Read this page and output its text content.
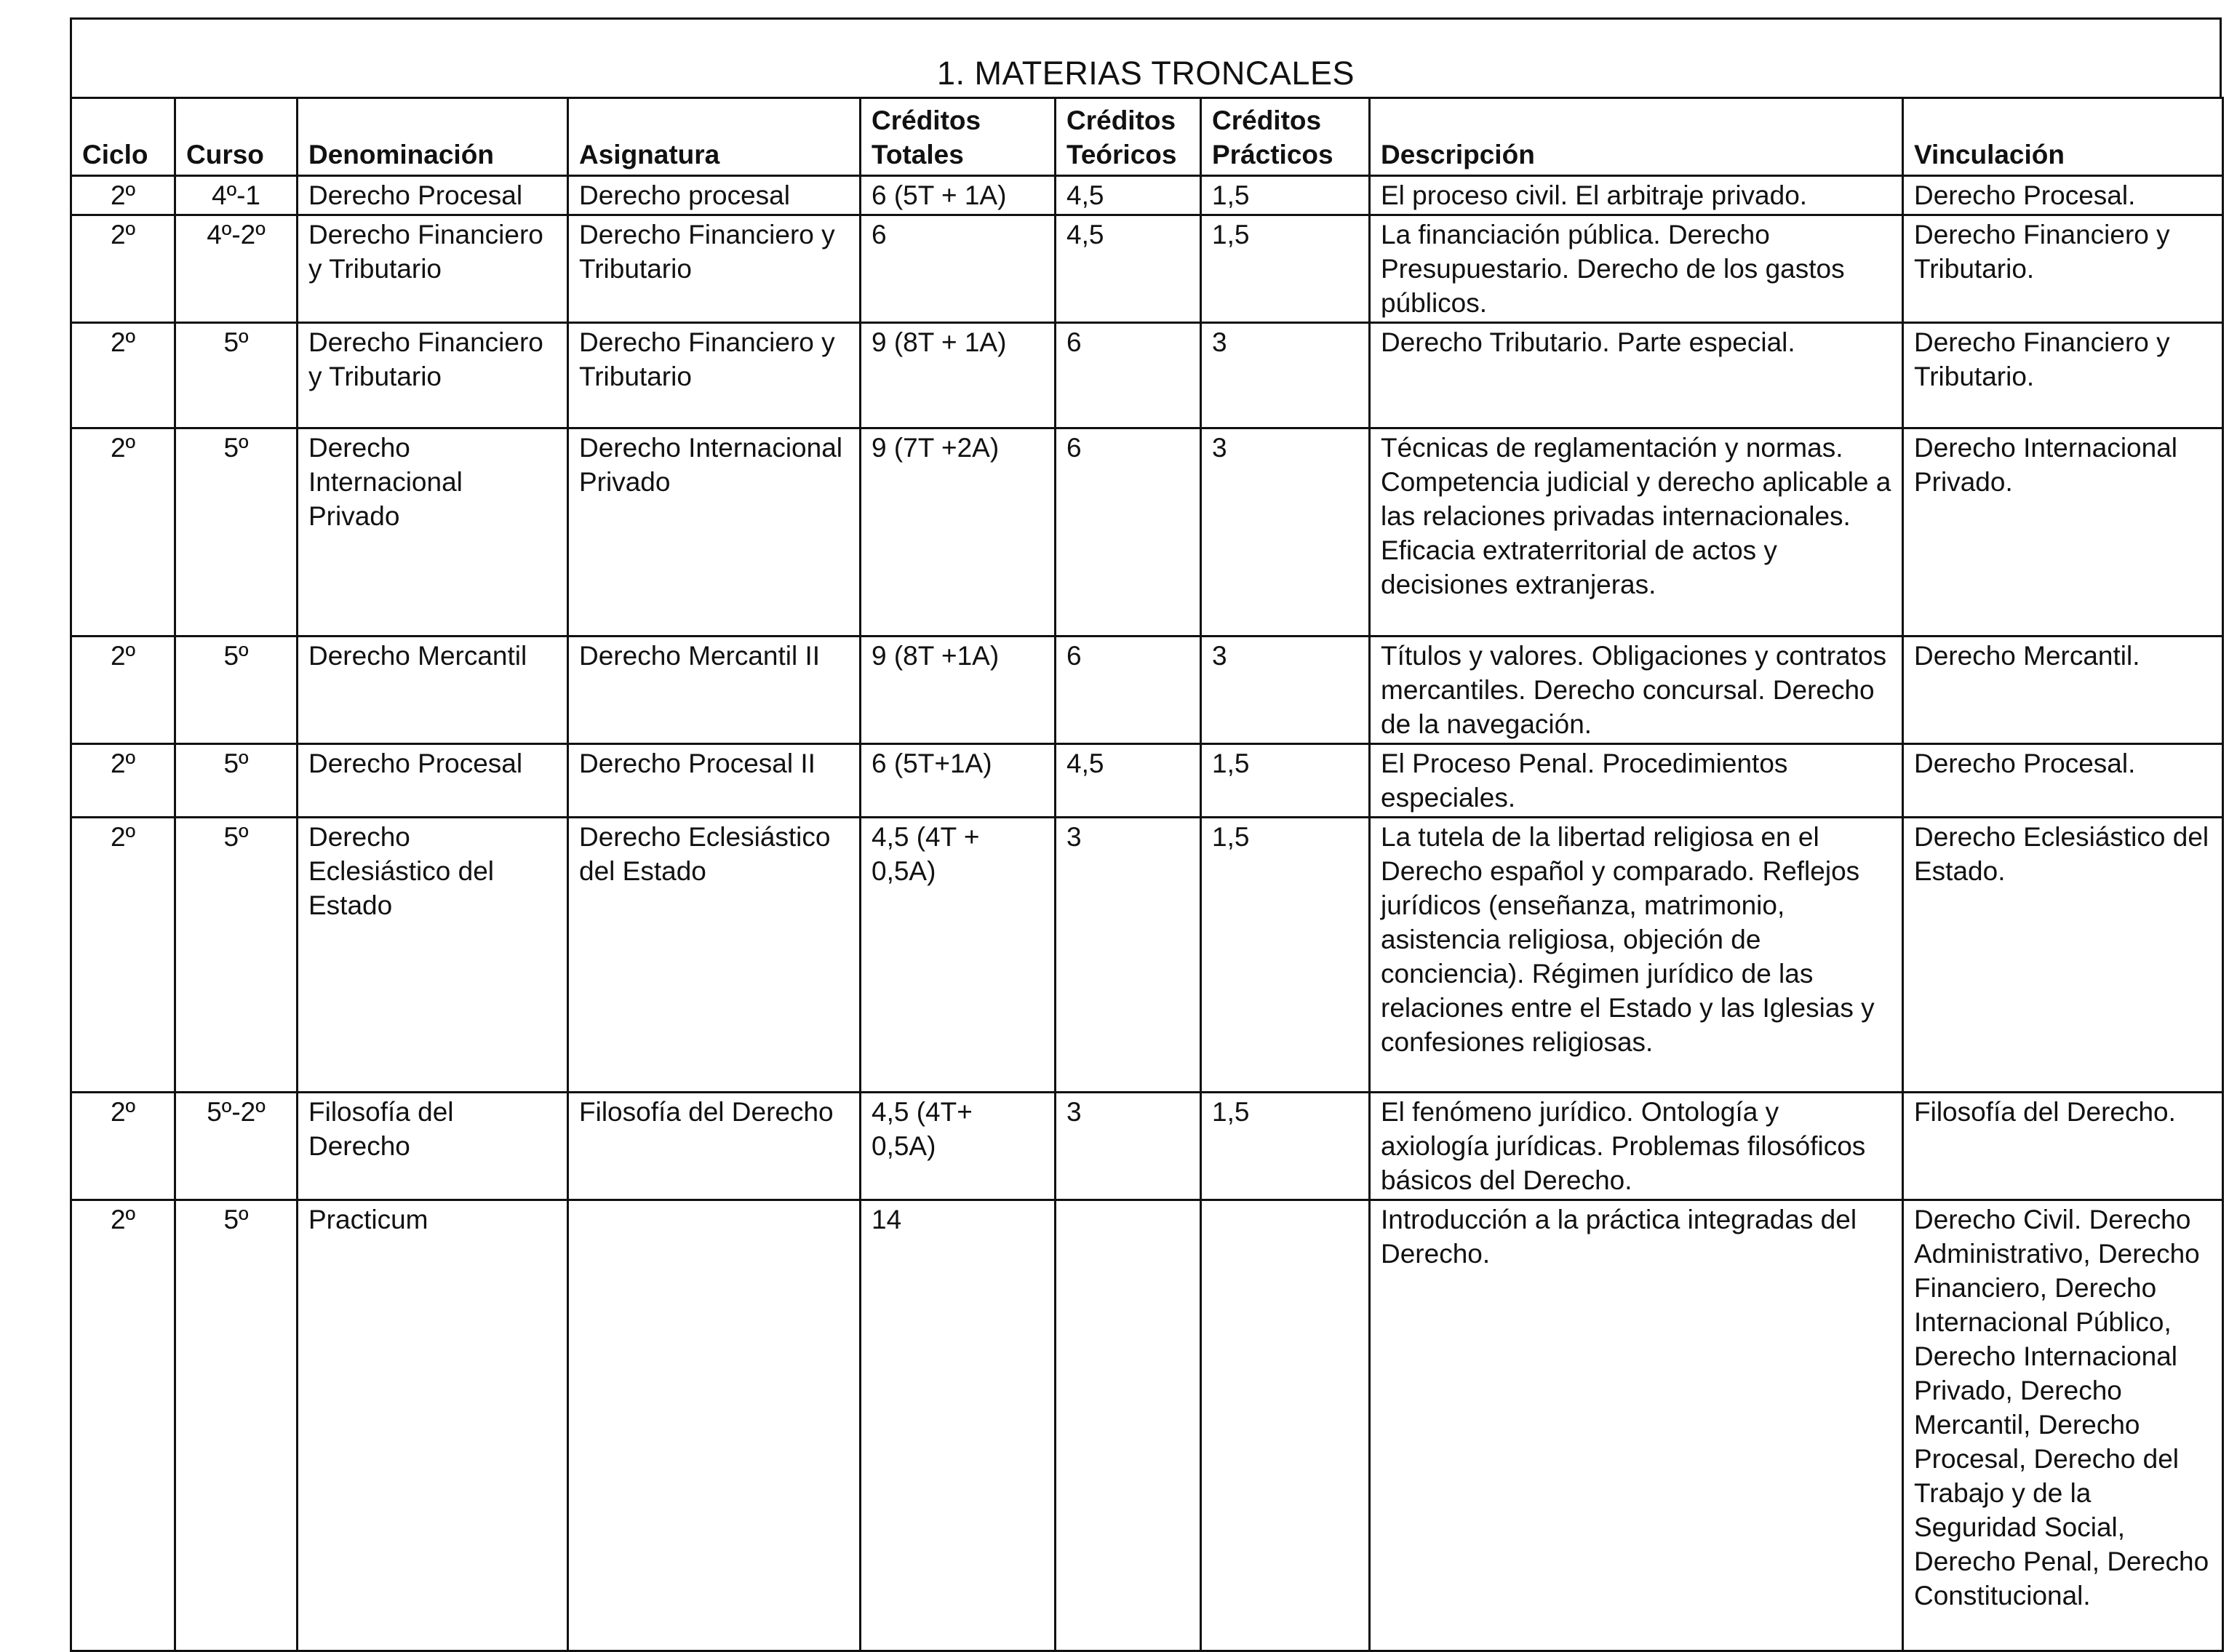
1. MATERIAS TRONCALES
Ciclo	Curso	Denominación	Asignatura	Créditos Totales	Créditos Teóricos	Créditos Prácticos	Descripción	Vinculación
2º	4º-1	Derecho Procesal	Derecho procesal	6 (5T + 1A)	4,5	1,5	El proceso civil. El arbitraje privado.	Derecho Procesal.
2º	4º-2º	Derecho Financiero y Tributario	Derecho Financiero y Tributario	6	4,5	1,5	La financiación pública. Derecho Presupuestario. Derecho de los gastos públicos.	Derecho Financiero y Tributario.
2º	5º	Derecho Financiero y Tributario	Derecho Financiero y Tributario	9 (8T + 1A)	6	3	Derecho Tributario. Parte especial.	Derecho Financiero y Tributario.
2º	5º	Derecho Internacional Privado	Derecho Internacional Privado	9 (7T +2A)	6	3	Técnicas de reglamentación y normas. Competencia judicial y derecho aplicable a las relaciones privadas internacionales. Eficacia extraterritorial de actos y decisiones extranjeras.	Derecho Internacional Privado.
2º	5º	Derecho Mercantil	Derecho Mercantil II	9 (8T +1A)	6	3	Títulos y valores. Obligaciones y contratos mercantiles. Derecho concursal. Derecho de la navegación.	Derecho Mercantil.
2º	5º	Derecho Procesal	Derecho Procesal II	6 (5T+1A)	4,5	1,5	El Proceso Penal. Procedimientos especiales.	Derecho Procesal.
2º	5º	Derecho Eclesiástico del Estado	Derecho Eclesiástico del Estado	4,5 (4T + 0,5A)	3	1,5	La tutela de la libertad religiosa en el Derecho español y comparado. Reflejos jurídicos (enseñanza, matrimonio, asistencia religiosa, objeción de conciencia). Régimen jurídico de las relaciones entre el Estado y las Iglesias y confesiones religiosas.	Derecho Eclesiástico del Estado.
2º	5º-2º	Filosofía del Derecho	Filosofía del Derecho	4,5 (4T+ 0,5A)	3	1,5	El fenómeno jurídico. Ontología y axiología jurídicas. Problemas filosóficos básicos del Derecho.	Filosofía del Derecho.
2º	5º	Practicum		14			Introducción a la práctica integradas del Derecho.	Derecho Civil. Derecho Administrativo, Derecho Financiero, Derecho Internacional Público, Derecho Internacional Privado, Derecho Mercantil, Derecho Procesal, Derecho del Trabajo y de la Seguridad Social, Derecho Penal, Derecho Constitucional.
